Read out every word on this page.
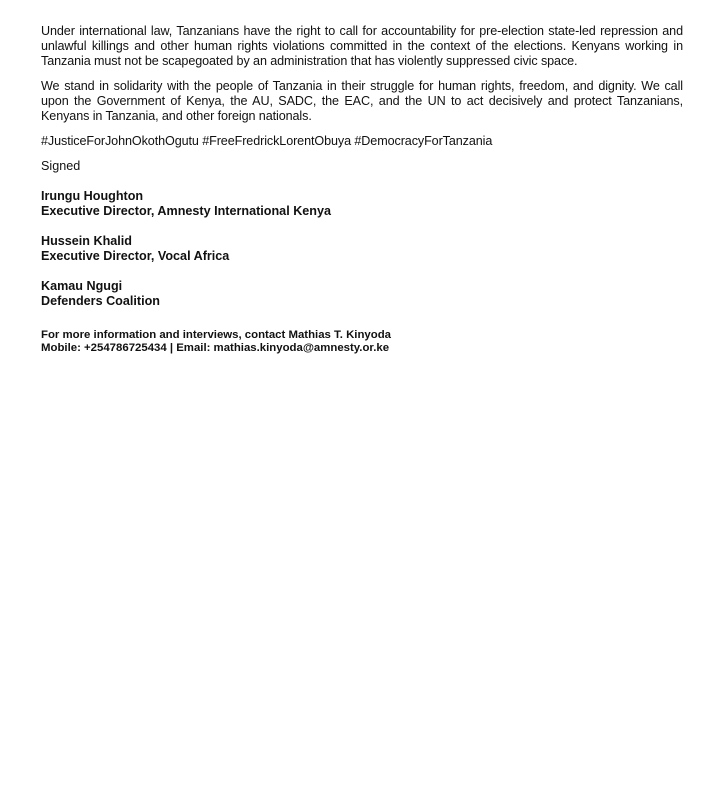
Under international law, Tanzanians have the right to call for accountability for pre-election state-led repression and unlawful killings and other human rights violations committed in the context of the elections. Kenyans working in Tanzania must not be scapegoated by an administration that has violently suppressed civic space.

We stand in solidarity with the people of Tanzania in their struggle for human rights, freedom, and dignity. We call upon the Government of Kenya, the AU, SADC, the EAC, and the UN to act decisively and protect Tanzanians, Kenyans in Tanzania, and other foreign nationals.

#JusticeForJohnOkothOgutu #FreeFredrickLorentObuya #DemocracyForTanzania

Signed

Irungu Houghton
Executive Director, Amnesty International Kenya
Hussein Khalid
Executive Director, Vocal Africa
Kamau Ngugi
Defenders Coalition
For more information and interviews, contact Mathias T. Kinyoda
Mobile: +254786725434 | Email: mathias.kinyoda@amnesty.or.ke
